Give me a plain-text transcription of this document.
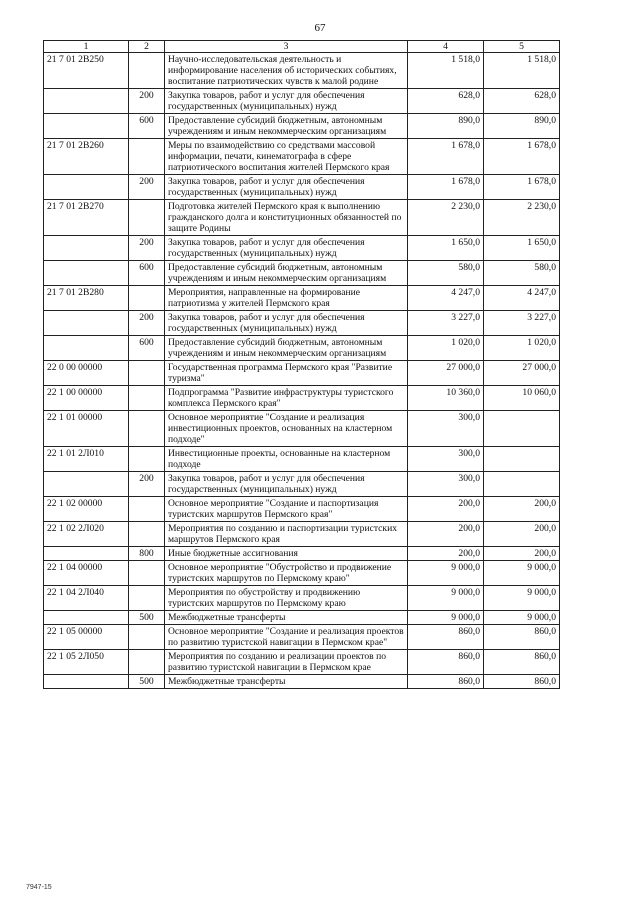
67
1	2	3	4	5
21 7 01 2В250		Научно-исследовательская деятельность и информирование населения об исторических событиях, воспитание патриотических чувств к малой родине	1 518,0	1 518,0
	200	Закупка товаров, работ и услуг для обеспечения государственных (муниципальных) нужд	628,0	628,0
	600	Предоставление субсидий бюджетным, автономным учреждениям и иным некоммерческим организациям	890,0	890,0
21 7 01 2В260		Меры по взаимодействию со средствами массовой информации, печати, кинематографа в сфере патриотического воспитания жителей Пермского края	1 678,0	1 678,0
	200	Закупка товаров, работ и услуг для обеспечения государственных (муниципальных) нужд	1 678,0	1 678,0
21 7 01 2В270		Подготовка жителей Пермского края к выполнению гражданского долга и конституционных обязанностей по защите Родины	2 230,0	2 230,0
	200	Закупка товаров, работ и услуг для обеспечения государственных (муниципальных) нужд	1 650,0	1 650,0
	600	Предоставление субсидий бюджетным, автономным учреждениям и иным некоммерческим организациям	580,0	580,0
21 7 01 2В280		Мероприятия, направленные на формирование патриотизма у жителей Пермского края	4 247,0	4 247,0
	200	Закупка товаров, работ и услуг для обеспечения государственных (муниципальных) нужд	3 227,0	3 227,0
	600	Предоставление субсидий бюджетным, автономным учреждениям и иным некоммерческим организациям	1 020,0	1 020,0
22 0 00 00000		Государственная программа Пермского края "Развитие туризма"	27 000,0	27 000,0
22 1 00 00000		Подпрограмма "Развитие инфраструктуры туристского комплекса Пермского края"	10 360,0	10 060,0
22 1 01 00000		Основное мероприятие "Создание и реализация инвестиционных проектов, основанных на кластерном подходе"	300,0	
22 1 01 2Л010		Инвестиционные проекты, основанные на кластерном подходе	300,0	
	200	Закупка товаров, работ и услуг для обеспечения государственных (муниципальных) нужд	300,0	
22 1 02 00000		Основное мероприятие "Создание и паспортизация туристских маршрутов Пермского края"	200,0	200,0
22 1 02 2Л020		Мероприятия по созданию и паспортизации туристских маршрутов Пермского края	200,0	200,0
	800	Иные бюджетные ассигнования	200,0	200,0
22 1 04 00000		Основное мероприятие "Обустройство и продвижение туристских маршрутов по Пермскому краю"	9 000,0	9 000,0
22 1 04 2Л040		Мероприятия по обустройству и продвижению туристских маршрутов по Пермскому краю	9 000,0	9 000,0
	500	Межбюджетные трансферты	9 000,0	9 000,0
22 1 05 00000		Основное мероприятие "Создание и реализация проектов по развитию туристской навигации в Пермском крае"	860,0	860,0
22 1 05 2Л050		Мероприятия по созданию и реализации проектов по развитию туристской навигации в Пермском крае	860,0	860,0
	500	Межбюджетные трансферты	860,0	860,0
7947-15
